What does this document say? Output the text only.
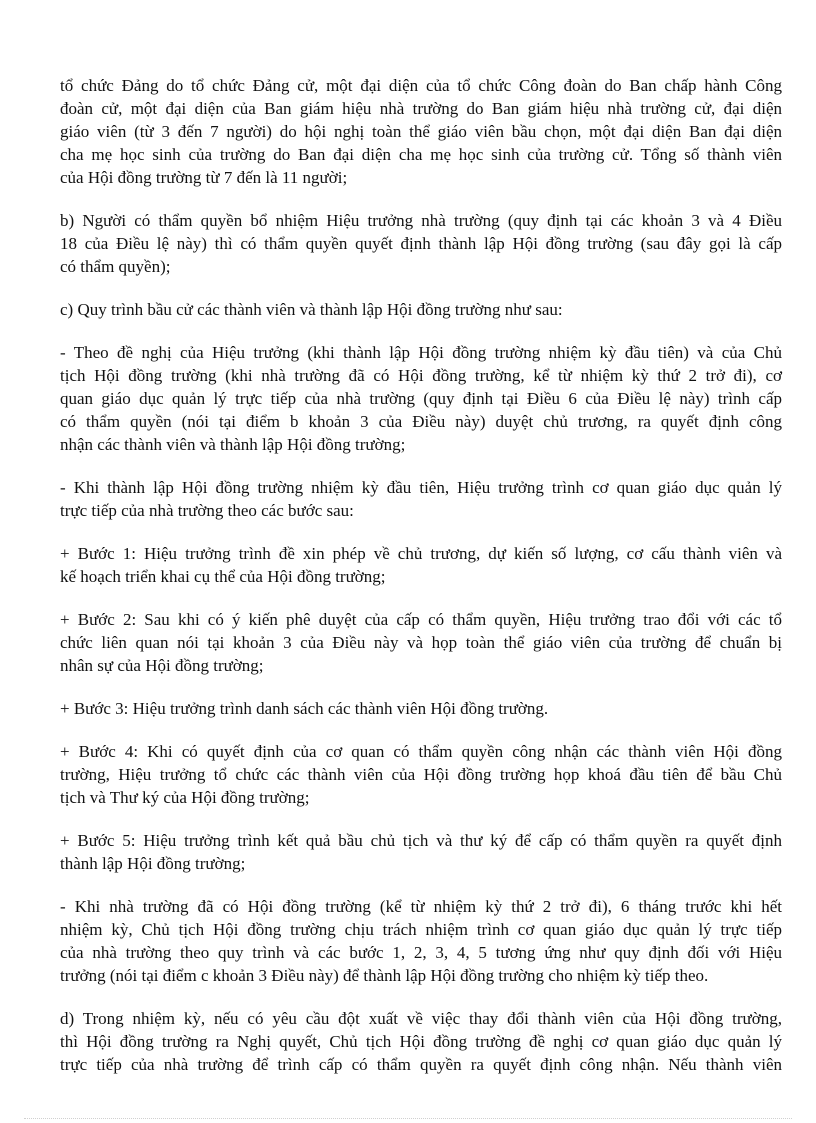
tổ chức Đảng do tổ chức Đảng cử, một đại diện của tổ chức Công đoàn do Ban chấp hành Công
đoàn cử, một đại diện của Ban giám hiệu nhà trường do Ban giám hiệu nhà trường cử, đại diện
giáo viên (từ 3 đến 7 người) do hội nghị toàn thể giáo viên bầu chọn, một đại diện Ban đại diện
cha mẹ học sinh của trường do Ban đại diện cha mẹ học sinh của trường cử. Tổng số thành viên
của Hội đồng trường từ 7 đến là 11 người;
b) Người có thẩm quyền bổ nhiệm Hiệu trưởng nhà trường (quy định tại các khoản 3 và 4 Điều
18 của Điều lệ này) thì có thẩm quyền quyết định thành lập Hội đồng trường (sau đây gọi là cấp
có thẩm quyền);
c) Quy trình bầu cử các thành viên và thành lập Hội đồng trường như sau:
- Theo đề nghị của Hiệu trưởng (khi thành lập Hội đồng trường nhiệm kỳ đầu tiên) và của Chủ
tịch Hội đồng trường (khi nhà trường đã có Hội đồng trường, kể từ nhiệm kỳ thứ 2 trở đi), cơ
quan giáo dục quản lý trực tiếp của nhà trường (quy định tại Điều 6 của Điều lệ này) trình cấp
có thẩm quyền (nói tại điểm b khoản 3 của Điều này) duyệt chủ trương, ra quyết định công
nhận các thành viên và thành lập Hội đồng trường;
- Khi thành lập Hội đồng trường nhiệm kỳ đầu tiên, Hiệu trưởng trình cơ quan giáo dục quản lý
trực tiếp của nhà trường theo các bước sau:
+ Bước 1: Hiệu trưởng trình đề xin phép về chủ trương, dự kiến số lượng, cơ cấu thành viên và
kế hoạch triển khai cụ thể của Hội đồng trường;
+ Bước 2: Sau khi có ý kiến phê duyệt của cấp có thẩm quyền, Hiệu trưởng trao đổi với các tổ
chức liên quan nói tại khoản 3 của Điều này và họp toàn thể giáo viên của trường để chuẩn bị
nhân sự của Hội đồng trường;
+ Bước 3: Hiệu trưởng trình danh sách các thành viên Hội đồng trường.
+ Bước 4: Khi có quyết định của cơ quan có thẩm quyền công nhận các thành viên Hội đồng
trường, Hiệu trưởng tổ chức các thành viên của Hội đồng trường họp khoá đầu tiên để bầu Chủ
tịch và Thư ký của Hội đồng trường;
+ Bước 5: Hiệu trưởng trình kết quả bầu chủ tịch và thư ký để cấp có thẩm quyền ra quyết định
thành lập Hội đồng trường;
- Khi nhà trường đã có Hội đồng trường (kể từ nhiệm kỳ thứ 2 trở đi), 6 tháng trước khi hết
nhiệm kỳ, Chủ tịch Hội đồng trường chịu trách nhiệm trình cơ quan giáo dục quản lý trực tiếp
của nhà trường theo quy trình và các bước 1, 2, 3, 4, 5 tương ứng như quy định đối với Hiệu
trưởng (nói tại điểm c khoản 3 Điều này) để thành lập Hội đồng trường cho nhiệm kỳ tiếp theo.
d) Trong nhiệm kỳ, nếu có yêu cầu đột xuất về việc thay đổi thành viên của Hội đồng trường,
thì Hội đồng trường ra Nghị quyết, Chủ tịch Hội đồng trường đề nghị cơ quan giáo dục quản lý
trực tiếp của nhà trường để trình cấp có thẩm quyền ra quyết định công nhận. Nếu thành viên
